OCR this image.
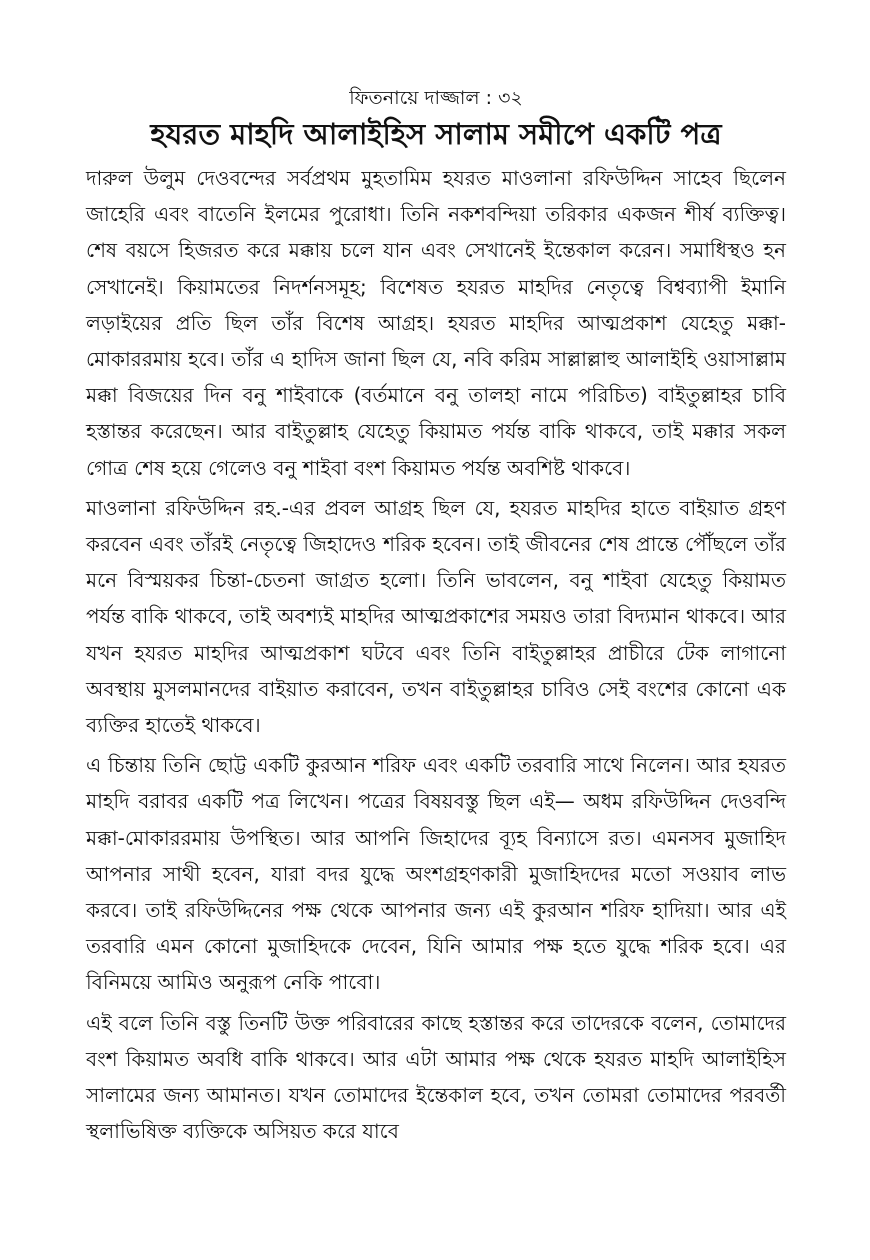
ফিতনায়ে দাজ্জাল : ৩২
হযরত মাহদি আলাইহিস সালাম সমীপে একটি পত্র

দারুল উলুম দেওবন্দের সর্বপ্রথম মুহতামিম হযরত মাওলানা রফিউদ্দিন সাহেব ছিলেন জাহেরি এবং বাতেনি ইলমের পুরোধা। তিনি নকশবন্দিয়া তরিকার একজন শীর্ষ ব্যক্তিত্ব। শেষ বয়সে হিজরত করে মক্কায় চলে যান এবং সেখানেই ইন্তেকাল করেন। সমাধিস্থও হন সেখানেই। কিয়ামতের নিদর্শনসমূহ; বিশেষত হযরত মাহদির নেতৃত্বে বিশ্বব্যাপী ইমানি লড়াইয়ের প্রতি ছিল তাঁর বিশেষ আগ্রহ। হযরত মাহদির আত্মপ্রকাশ যেহেতু মক্কা-মোকাররমায় হবে। তাঁর এ হাদিস জানা ছিল যে, নবি করিম সাল্লাল্লাহু আলাইহি ওয়াসাল্লাম মক্কা বিজয়ের দিন বনু শাইবাকে (বর্তমানে বনু তালহা নামে পরিচিত) বাইতুল্লাহর চাবি হস্তান্তর করেছেন। আর বাইতুল্লাহ যেহেতু কিয়ামত পর্যন্ত বাকি থাকবে, তাই মক্কার সকল গোত্র শেষ হয়ে গেলেও বনু শাইবা বংশ কিয়ামত পর্যন্ত অবশিষ্ট থাকবে।

মাওলানা রফিউদ্দিন রহ.-এর প্রবল আগ্রহ ছিল যে, হযরত মাহদির হাতে বাইয়াত গ্রহণ করবেন এবং তাঁরই নেতৃত্বে জিহাদেও শরিক হবেন। তাই জীবনের শেষ প্রান্তে পৌঁছলে তাঁর মনে বিস্ময়কর চিন্তা-চেতনা জাগ্রত হলো। তিনি ভাবলেন, বনু শাইবা যেহেতু কিয়ামত পর্যন্ত বাকি থাকবে, তাই অবশ্যই মাহদির আত্মপ্রকাশের সময়ও তারা বিদ্যমান থাকবে। আর যখন হযরত মাহদির আত্মপ্রকাশ ঘটবে এবং তিনি বাইতুল্লাহর প্রাচীরে টেক লাগানো অবস্থায় মুসলমানদের বাইয়াত করাবেন, তখন বাইতুল্লাহর চাবিও সেই বংশের কোনো এক ব্যক্তির হাতেই থাকবে।

এ চিন্তায় তিনি ছোট্ট একটি কুরআন শরিফ এবং একটি তরবারি সাথে নিলেন। আর হযরত মাহদি বরাবর একটি পত্র লিখেন। পত্রের বিষয়বস্তু ছিল এই— অধম রফিউদ্দিন দেওবন্দি মক্কা-মোকাররমায় উপস্থিত। আর আপনি জিহাদের ব্যূহ বিন্যাসে রত। এমনসব মুজাহিদ আপনার সাথী হবেন, যারা বদর যুদ্ধে অংশগ্রহণকারী মুজাহিদদের মতো সওয়াব লাভ করবে। তাই রফিউদ্দিনের পক্ষ থেকে আপনার জন্য এই কুরআন শরিফ হাদিয়া। আর এই তরবারি এমন কোনো মুজাহিদকে দেবেন, যিনি আমার পক্ষ হতে যুদ্ধে শরিক হবে। এর বিনিময়ে আমিও অনুরূপ নেকি পাবো।

এই বলে তিনি বস্তু তিনটি উক্ত পরিবারের কাছে হস্তান্তর করে তাদেরকে বলেন, তোমাদের বংশ কিয়ামত অবধি বাকি থাকবে। আর এটা আমার পক্ষ থেকে হযরত মাহদি আলাইহিস সালামের জন্য আমানত। যখন তোমাদের ইন্তেকাল হবে, তখন তোমরা তোমাদের পরবর্তী স্থলাভিষিক্ত ব্যক্তিকে অসিয়ত করে যাবে
